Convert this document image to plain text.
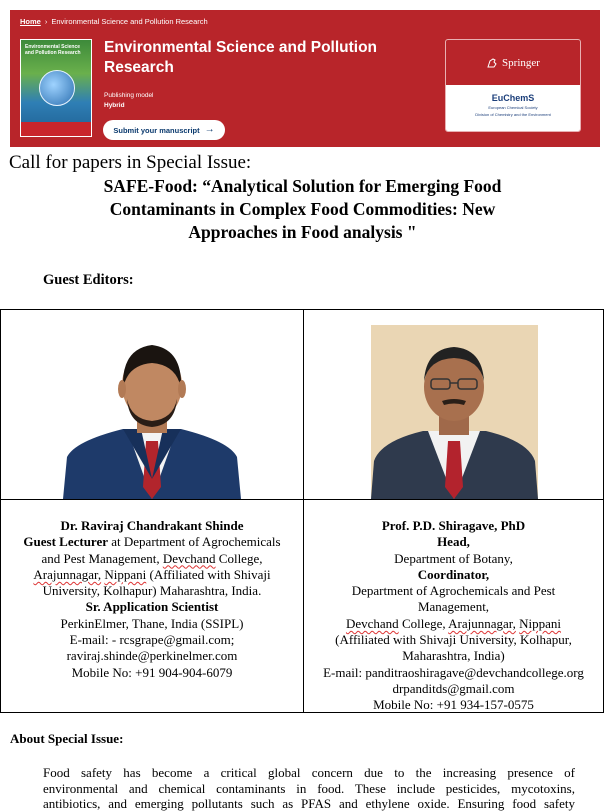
Home › Environmental Science and Pollution Research
Environmental Science and Pollution Research	Environmental Science and Pollution Research
Publishing model
Hybrid
Submit your manuscript →
Springer
EuChemS
European Chemical Society
Division of Chemistry and the Environment
Call for papers in Special Issue:
SAFE-Food: “Analytical Solution for Emerging Food
Contaminants in Complex Food Commodities: New
Approaches in Food analysis "
Guest Editors:
Dr. Raviraj Chandrakant Shinde
Guest Lecturer at Department of Agrochemicals
and Pest Management, Devchand College,
Arajunnagar, Nippani (Affiliated with Shivaji
University, Kolhapur) Maharashtra, India.
Sr. Application Scientist
PerkinElmer, Thane, India (SSIPL)
E-mail: - rcsgrape@gmail.com;
raviraj.shinde@perkinelmer.com
Mobile No: +91 904-904-6079
Prof. P.D. Shiragave, PhD
Head,
Department of Botany,
Coordinator,
Department of Agrochemicals and Pest
Management,
Devchand College, Arajunnagar, Nippani
(Affiliated with Shivaji University, Kolhapur,
Maharashtra, India)
E-mail: panditraoshiragave@devchandcollege.org
drpanditds@gmail.com
Mobile No: +91 934-157-0575
About Special Issue:
Food safety has become a critical global concern due to the increasing presence of
environmental and chemical contaminants in food. These include pesticides, mycotoxins,
antibiotics, and emerging pollutants such as PFAS and ethylene oxide. Ensuring food safety
